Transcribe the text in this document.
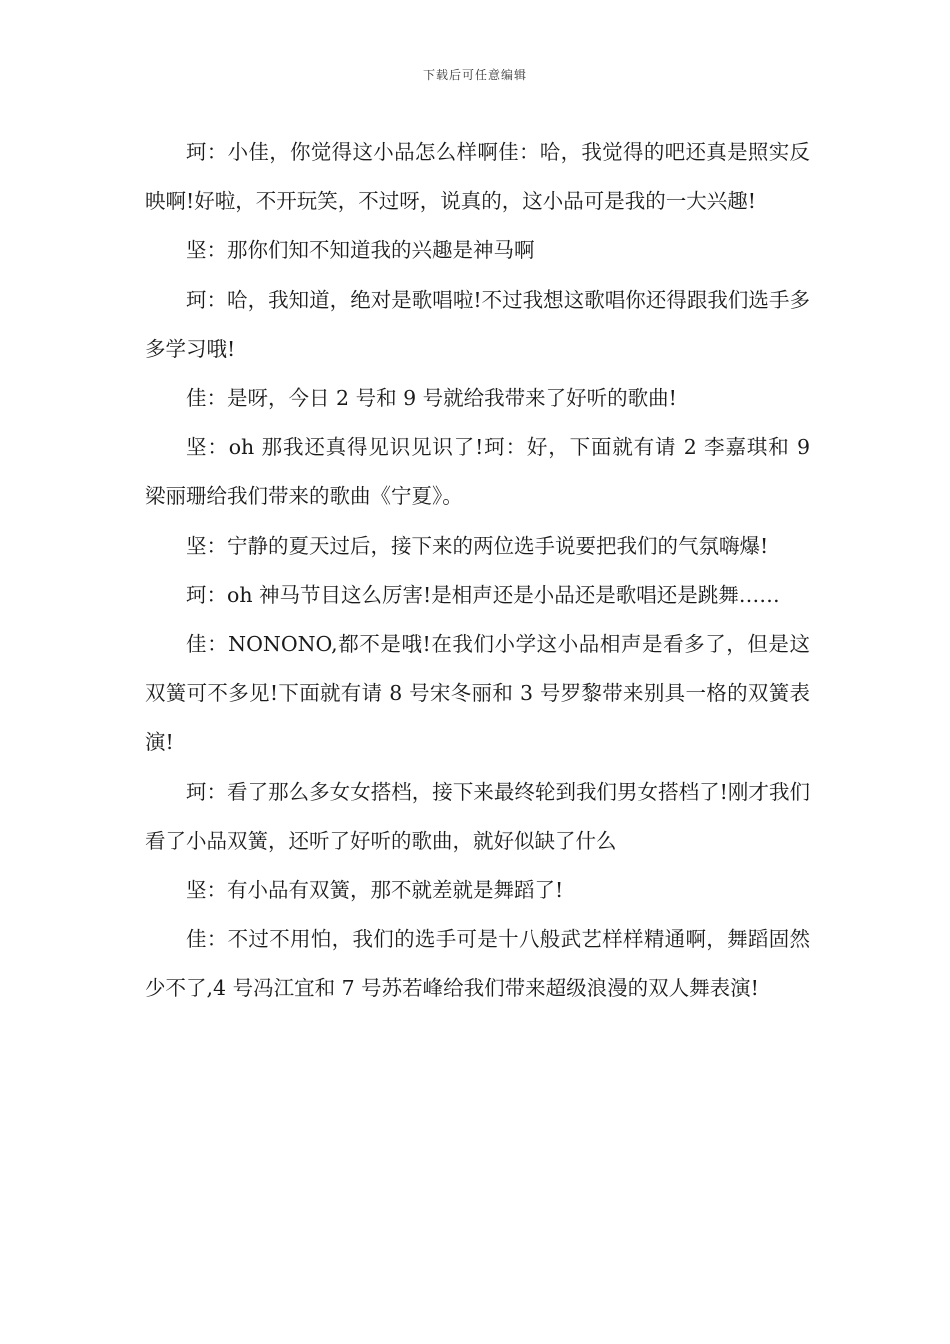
下载后可任意编辑

珂：小佳，你觉得这小品怎么样啊佳：哈，我觉得的吧还真是照实反映啊!好啦，不开玩笑，不过呀，说真的，这小品可是我的一大兴趣!

坚：那你们知不知道我的兴趣是神马啊

珂：哈，我知道，绝对是歌唱啦!不过我想这歌唱你还得跟我们选手多多学习哦!

佳：是呀，今日 2 号和 9 号就给我带来了好听的歌曲!

坚：oh 那我还真得见识见识了!珂：好，下面就有请 2 李嘉琪和 9 梁丽珊给我们带来的歌曲《宁夏》。

坚：宁静的夏天过后，接下来的两位选手说要把我们的气氛嗨爆!

珂：oh 神马节目这么厉害!是相声还是小品还是歌唱还是跳舞……

佳：NONONO,都不是哦!在我们小学这小品相声是看多了，但是这双簧可不多见!下面就有请 8 号宋冬丽和 3 号罗黎带来别具一格的双簧表演!

珂：看了那么多女女搭档，接下来最终轮到我们男女搭档了!刚才我们看了小品双簧，还听了好听的歌曲，就好似缺了什么

坚：有小品有双簧，那不就差就是舞蹈了!

佳：不过不用怕，我们的选手可是十八般武艺样样精通啊，舞蹈固然少不了,4 号冯江宜和 7 号苏若峰给我们带来超级浪漫的双人舞表演!
